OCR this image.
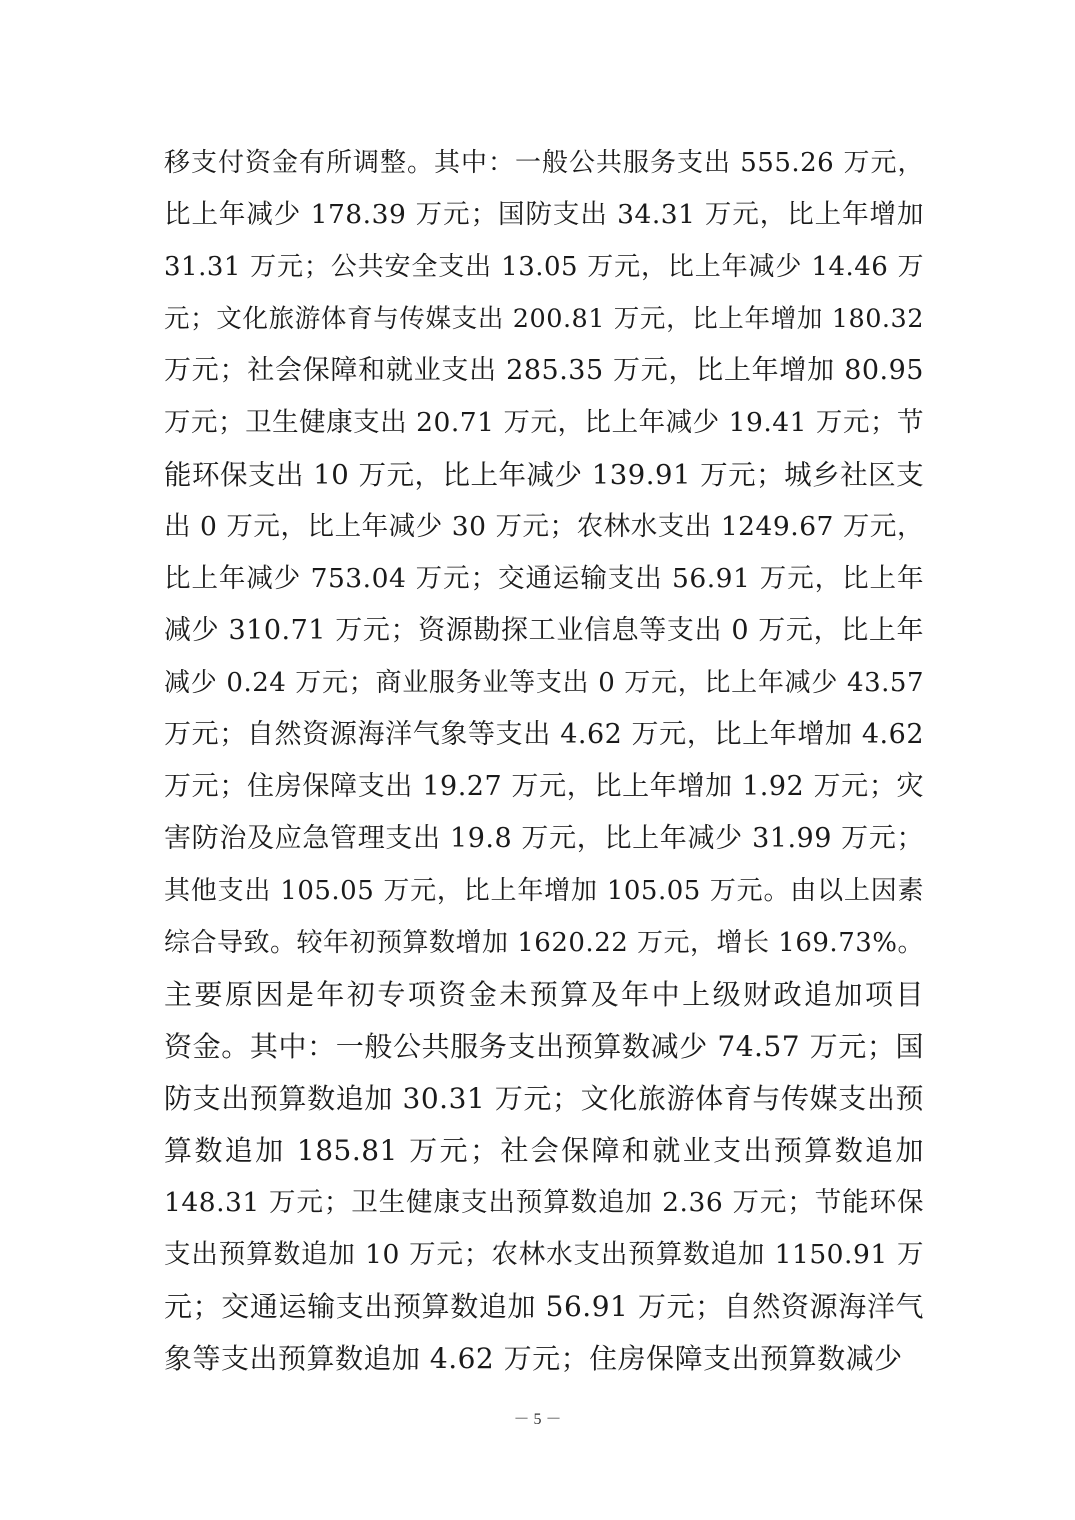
移支付资金有所调整。其中：一般公共服务支出 555.26 万元，
比上年减少 178.39 万元；国防支出 34.31 万元，比上年增加
31.31 万元；公共安全支出 13.05 万元，比上年减少 14.46 万
元；文化旅游体育与传媒支出 200.81 万元，比上年增加 180.32
万元；社会保障和就业支出 285.35 万元，比上年增加 80.95
万元；卫生健康支出 20.71 万元，比上年减少 19.41 万元；节
能环保支出 10 万元，比上年减少 139.91 万元；城乡社区支
出 0 万元，比上年减少 30 万元；农林水支出 1249.67 万元，
比上年减少 753.04 万元；交通运输支出 56.91 万元，比上年
减少 310.71 万元；资源勘探工业信息等支出 0 万元，比上年
减少 0.24 万元；商业服务业等支出 0 万元，比上年减少 43.57
万元；自然资源海洋气象等支出 4.62 万元，比上年增加 4.62
万元；住房保障支出 19.27 万元，比上年增加 1.92 万元；灾
害防治及应急管理支出 19.8 万元，比上年减少 31.99 万元；
其他支出 105.05 万元，比上年增加 105.05 万元。由以上因素
综合导致。较年初预算数增加 1620.22 万元，增长 169.73%。
主要原因是年初专项资金未预算及年中上级财政追加项目
资金。其中：一般公共服务支出预算数减少 74.57 万元；国
防支出预算数追加 30.31 万元；文化旅游体育与传媒支出预
算数追加 185.81 万元；社会保障和就业支出预算数追加
148.31 万元；卫生健康支出预算数追加 2.36 万元；节能环保
支出预算数追加 10 万元；农林水支出预算数追加 1150.91 万
元；交通运输支出预算数追加 56.91 万元；自然资源海洋气
象等支出预算数追加 4.62 万元；住房保障支出预算数减少
－ 5 －
